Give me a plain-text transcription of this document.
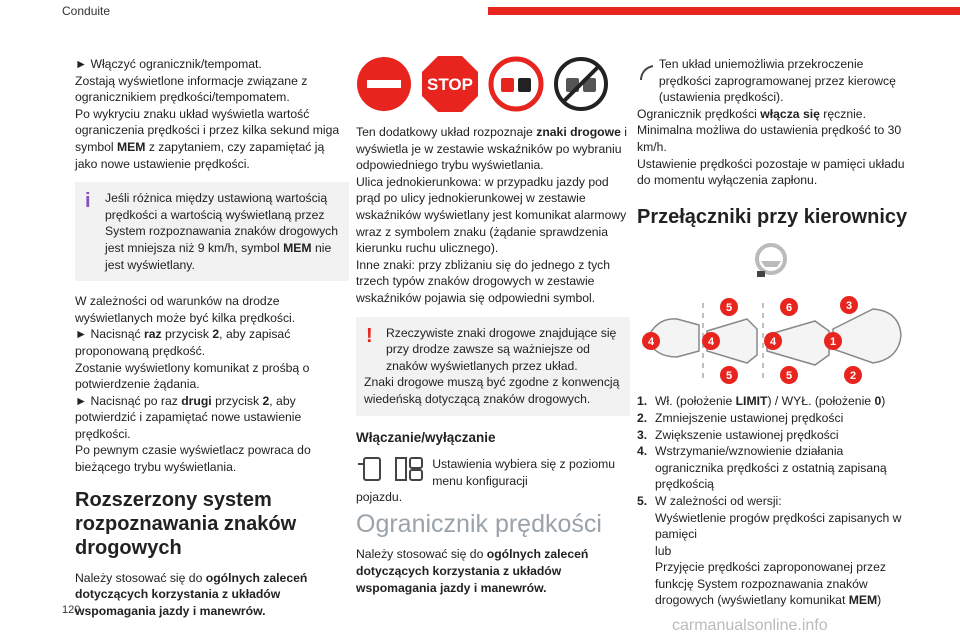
Conduite

► Włączyć ogranicznik/tempomat.

Zostają wyświetlone informacje związane z ogranicznikiem prędkości/tempomatem.

Po wykryciu znaku układ wyświetla wartość ograniczenia prędkości i przez kilka sekund miga symbol MEM z zapytaniem, czy zapamiętać ją jako nowe ustawienie prędkości.

i	Jeśli różnica między ustawioną wartością prędkości a wartością wyświetlaną przez System rozpoznawania znaków drogowych jest mniejsza niż 9 km/h, symbol MEM nie jest wyświetlany.

W zależności od warunków na drodze wyświetlanych może być kilka prędkości.

► Nacisnąć raz przycisk 2, aby zapisać proponowaną prędkość.

Zostanie wyświetlony komunikat z prośbą o potwierdzenie żądania.

► Nacisnąć po raz drugi przycisk 2, aby potwierdzić i zapamiętać nowe ustawienie prędkości.

Po pewnym czasie wyświetlacz powraca do bieżącego trybu wyświetlania.

Rozszerzony system rozpoznawania znaków drogowych

Należy stosować się do ogólnych zaleceń dotyczących korzystania z układów wspomagania jazdy i manewrów.

STOP

Ten dodatkowy układ rozpoznaje znaki drogowe i wyświetla je w zestawie wskaźników po wybraniu odpowiedniego trybu wyświetlania.

Ulica jednokierunkowa: w przypadku jazdy pod prąd po ulicy jednokierunkowej w zestawie wskaźników wyświetlany jest komunikat alarmowy wraz z symbolem znaku (żądanie sprawdzenia kierunku ruchu ulicznego).

Inne znaki: przy zbliżaniu się do jednego z tych trzech typów znaków drogowych w zestawie wskaźników pojawia się odpowiedni symbol.

!	Rzeczywiste znaki drogowe znajdujące się przy drodze zawsze są ważniejsze od znaków wyświetlanych przez układ.

Znaki drogowe muszą być zgodne z konwencją wiedeńską dotyczącą znaków drogowych.

Włączanie/wyłączanie

Ustawienia wybiera się z poziomu menu konfiguracji

pojazdu.

Ogranicznik prędkości

Należy stosować się do ogólnych zaleceń dotyczących korzystania z układów wspomagania jazdy i manewrów.

Ten układ uniemożliwia przekroczenie prędkości zaprogramowanej przez kierowcę (ustawienia prędkości).

Ogranicznik prędkości włącza się ręcznie.

Minimalna możliwa do ustawienia prędkość to 30 km/h.

Ustawienie prędkości pozostaje w pamięci układu do momentu wyłączenia zapłonu.

Przełączniki przy kierownicy
5	6	3
4	4	4	1
5	5	2
1. Wł. (położenie LIMIT) / WYŁ. (położenie 0)
2. Zmniejszenie ustawionej prędkości
3. Zwiększenie ustawionej prędkości
4. Wstrzymanie/wznowienie działania ogranicznika prędkości z ostatnią zapisaną prędkością
5. W zależności od wersji:
Wyświetlenie progów prędkości zapisanych w pamięci
lub
Przyjęcie prędkości zaproponowanej przez funkcję System rozpoznawania znaków drogowych (wyświetlany komunikat MEM)
120
carmanualsonline.info
